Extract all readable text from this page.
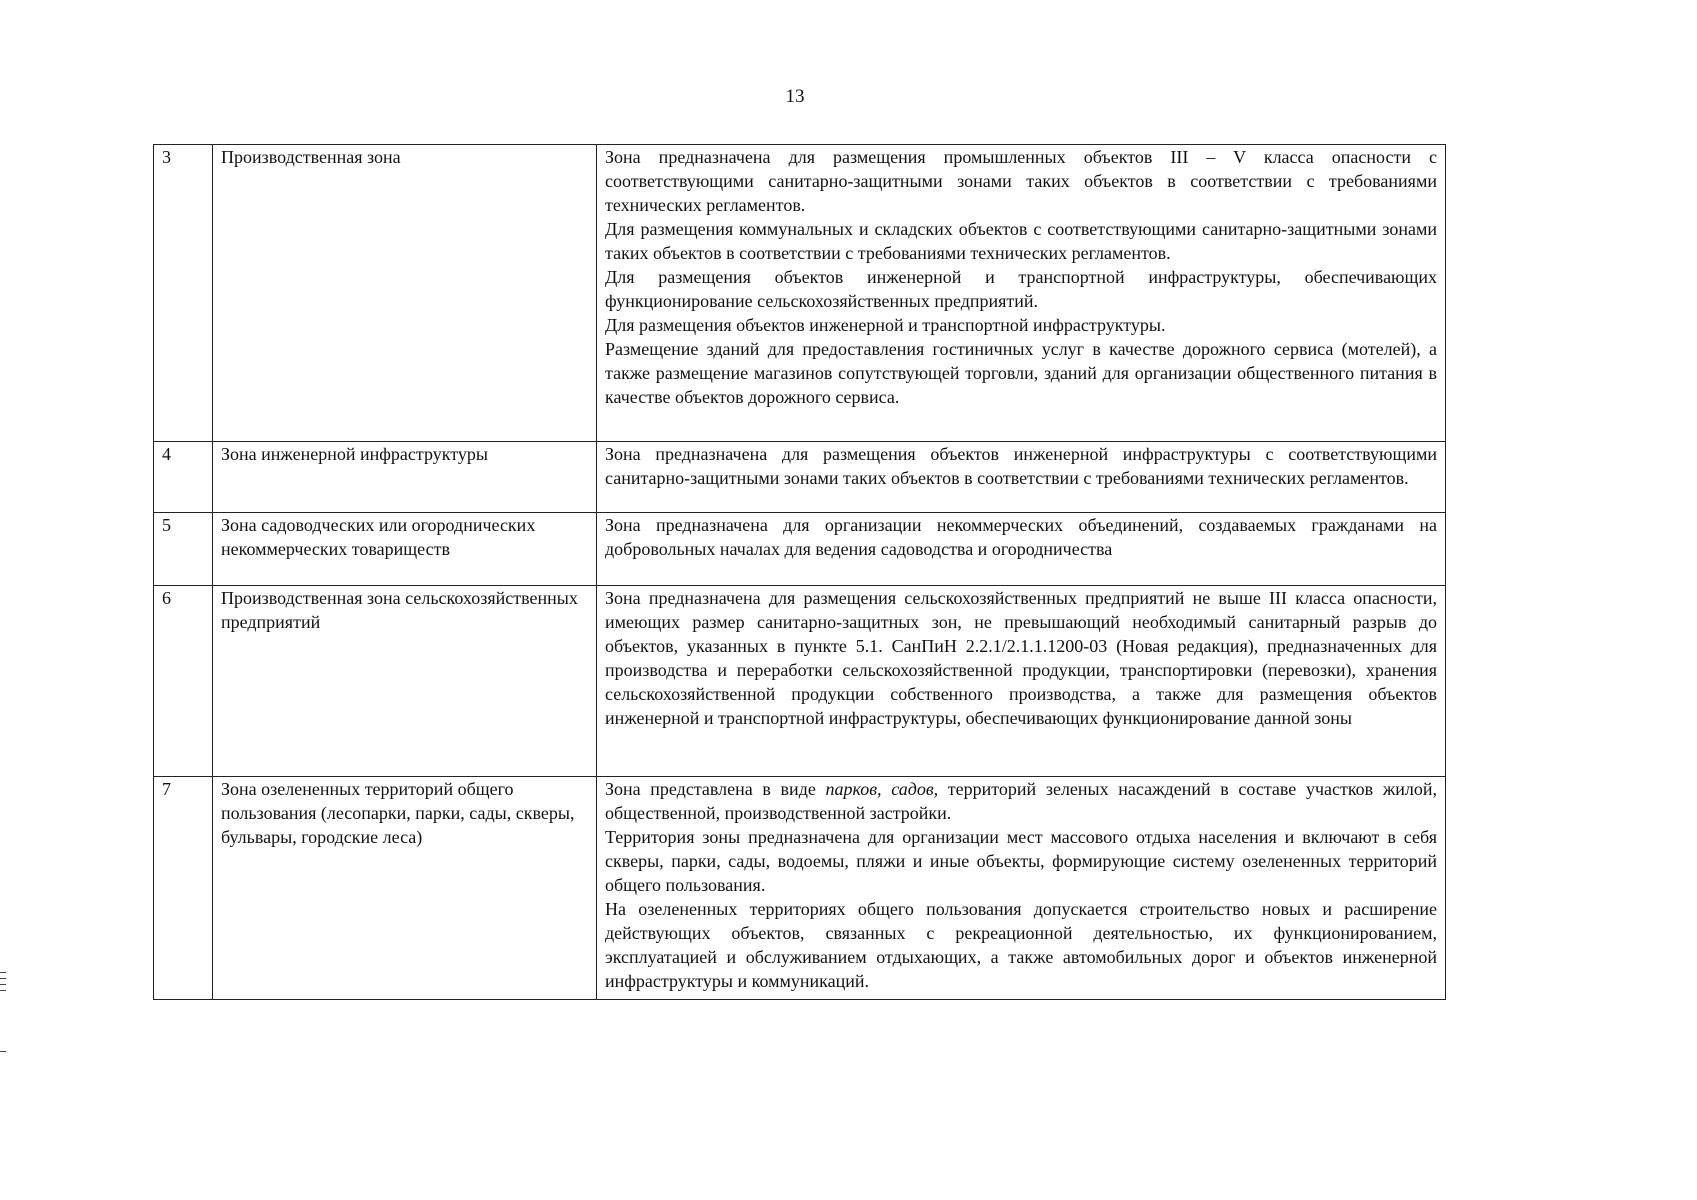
13
3	Производственная зона	Зона предназначена для размещения промышленных объектов III – V класса опасности с соответствующими санитарно-защитными зонами таких объектов в соответствии с требованиями технических регламентов.
Для размещения коммунальных и складских объектов с соответствующими санитарно-защитными зонами таких объектов в соответствии с требованиями технических регламентов.
Для размещения объектов инженерной и транспортной инфраструктуры, обеспечивающих функционирование сельскохозяйственных предприятий.
Для размещения объектов инженерной и транспортной инфраструктуры.
Размещение зданий для предоставления гостиничных услуг в качестве дорожного сервиса (мотелей), а также размещение магазинов сопутствующей торговли, зданий для организации общественного питания в качестве объектов дорожного сервиса.

4	Зона инженерной инфраструктуры	Зона предназначена для размещения объектов инженерной инфраструктуры с соответствующими санитарно-защитными зонами таких объектов в соответствии с требованиями технических регламентов.

5	Зона садоводческих или огороднических некоммерческих товариществ	Зона предназначена для организации некоммерческих объединений, создаваемых гражданами на добровольных началах для ведения садоводства и огородничества

6	Производственная зона сельскохозяйственных предприятий	Зона предназначена для размещения сельскохозяйственных предприятий не выше III класса опасности, имеющих размер санитарно-защитных зон, не превышающий необходимый санитарный разрыв до объектов, указанных в пункте 5.1. СанПиН 2.2.1/2.1.1.1200-03 (Новая редакция), предназначенных для производства и переработки сельскохозяйственной продукции, транспортировки (перевозки), хранения сельскохозяйственной продукции собственного производства, а также для размещения объектов инженерной и транспортной инфраструктуры, обеспечивающих функционирование данной зоны

7	Зона озелененных территорий общего пользования (лесопарки, парки, сады, скверы, бульвары, городские леса)	Зона представлена в виде парков, садов, территорий зеленых насаждений в составе участков жилой, общественной, производственной застройки.
Территория зоны предназначена для организации мест массового отдыха населения и включают в себя скверы, парки, сады, водоемы, пляжи и иные объекты, формирующие систему озелененных территорий общего пользования.
На озелененных территориях общего пользования допускается строительство новых и расширение действующих объектов, связанных с рекреационной деятельностью, их функционированием, эксплуатацией и обслуживанием отдыхающих, а также автомобильных дорог и объектов инженерной инфраструктуры и коммуникаций.
